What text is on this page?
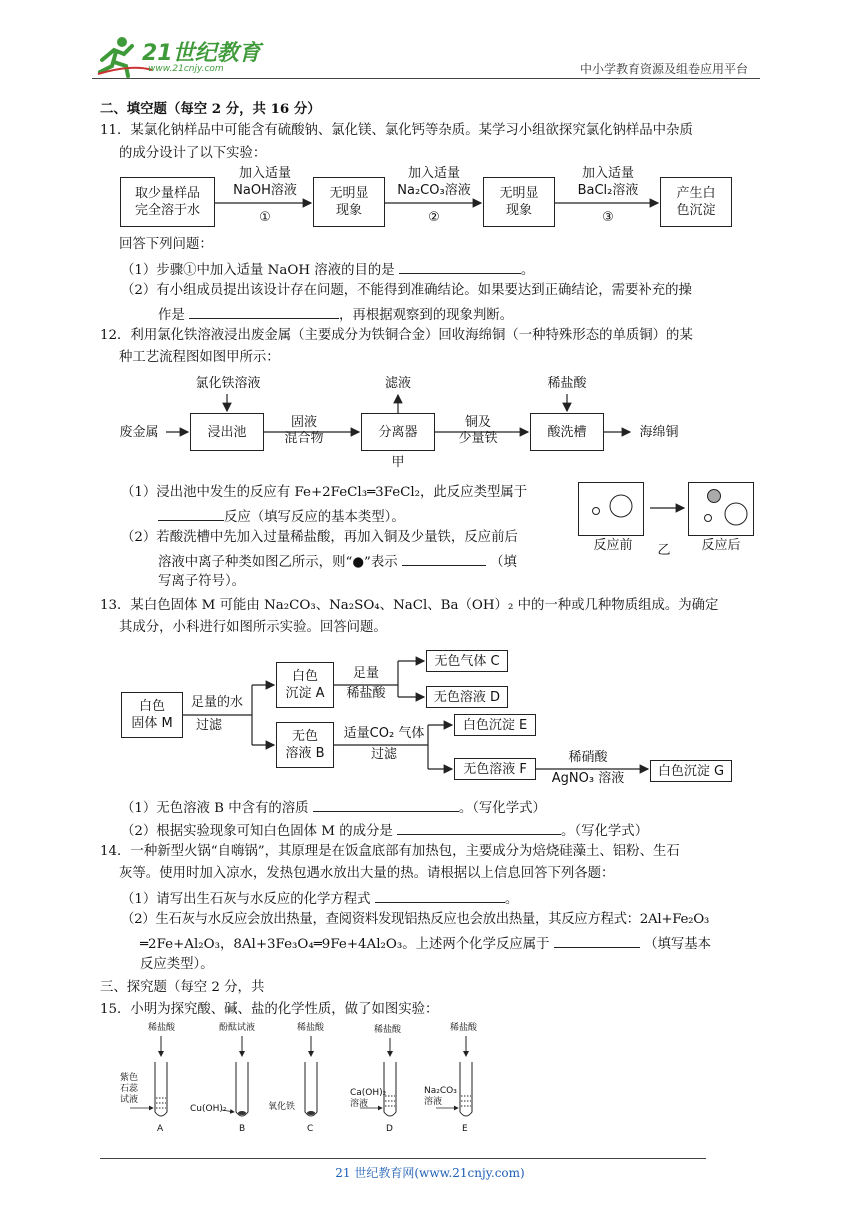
21世纪教育
www.21cnjy.com	中小学教育资源及组卷应用平台
二、填空题（每空 2 分，共 16 分）
11．某氯化钠样品中可能含有硫酸钠、氯化镁、氯化钙等杂质。某学习小组欲探究氯化钠样品中杂质
的成分设计了以下实验：
取少量样品
完全溶于水
加入适量
NaOH溶液
①
无明显
现象
加入适量
Na₂CO₃溶液
②
无明显
现象
加入适量
BaCl₂溶液
③
产生白
色沉淀
回答下列问题：
（1）步骤①中加入适量 NaOH 溶液的目的是	。
（2）有小组成员提出该设计存在问题，不能得到准确结论。如果要达到正确结论，需要补充的操
作是	，再根据观察到的现象判断。
12．利用氯化铁溶液浸出废金属（主要成分为铁铜合金）回收海绵铜（一种特殊形态的单质铜）的某
种工艺流程图如图甲所示：
氯化铁溶液	滤液	稀盐酸
废金属	浸出池
固液
混合物	分离器
铜及
少量铁	酸洗槽	海绵铜
甲
（1）浸出池中发生的反应有 Fe+2FeCl₃═3FeCl₂，此反应类型属于
反应（填写反应的基本类型）。
（2）若酸洗槽中先加入过量稀盐酸，再加入铜及少量铁，反应前后
溶液中离子种类如图乙所示，则“●”表示	（填
写离子符号）。
反应前	乙	反应后
13．某白色固体 M 可能由 Na₂CO₃、Na₂SO₄、NaCl、Ba（OH）₂ 中的一种或几种物质组成。为确定
其成分，小科进行如图所示实验。回答问题。
白色
固体 M
足量的水
过滤
白色
沉淀 A
足量
稀盐酸
无色气体 C
无色溶液 D
无色
溶液 B
适量CO₂ 气体
过滤
白色沉淀 E
无色溶液 F
稀硝酸
AgNO₃ 溶液	白色沉淀 G
（1）无色溶液 B 中含有的溶质	。（写化学式）
（2）根据实验现象可知白色固体 M 的成分是	。（写化学式）
14．一种新型火锅“自嗨锅”，其原理是在饭盒底部有加热包，主要成分为焙烧硅藻土、铝粉、生石
灰等。使用时加入凉水，发热包遇水放出大量的热。请根据以上信息回答下列各题：
（1）请写出生石灰与水反应的化学方程式	。
（2）生石灰与水反应会放出热量，查阅资料发现铝热反应也会放出热量，其反应方程式：2Al+Fe₂O₃
═2Fe+Al₂O₃，8Al+3Fe₃O₄═9Fe+4Al₂O₃。上述两个化学反应属于	（填写基本
反应类型）。
三、探究题（每空 2 分，共
15．小明为探究酸、碱、盐的化学性质，做了如图实验：
稀盐酸
紫色
石蕊
试液
A
酚酞试液
Cu(OH)₂
B
稀盐酸
氧化铁
C
稀盐酸
Ca(OH)₂
溶液
D
稀盐酸
Na₂CO₃
溶液
E
21 世纪教育网(www.21cnjy.com)
